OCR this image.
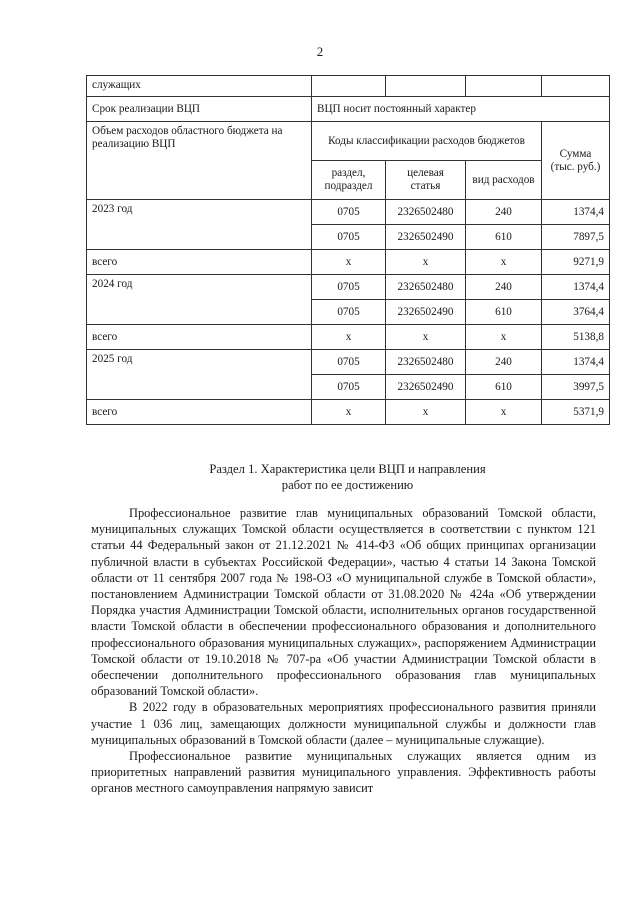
2
служащих				
Срок реализации ВЦП	ВЦП носит постоянный характер			
Объем расходов областного бюджета на реализацию ВЦП	Коды классификации расходов бюджетов			Сумма (тыс. руб.)
	раздел, подраздел	целевая статья	вид расходов	
2023 год	0705	2326502480	240	1374,4
	0705	2326502490	610	7897,5
всего	х	х	х	9271,9
2024 год	0705	2326502480	240	1374,4
	0705	2326502490	610	3764,4
всего	х	х	х	5138,8
2025 год	0705	2326502480	240	1374,4
	0705	2326502490	610	3997,5
всего	х	х	х	5371,9
Раздел 1. Характеристика цели ВЦП и направления
работ по ее достижению

Профессиональное развитие глав муниципальных образований Томской области, муниципальных служащих Томской области осуществляется в соответствии с пунктом 121 статьи 44 Федеральный закон от 21.12.2021 № 414-ФЗ «Об общих принципах организации публичной власти в субъектах Российской Федерации», частью 4 статьи 14 Закона Томской области от 11 сентября 2007 года № 198-ОЗ «О муниципальной службе в Томской области», постановлением Администрации Томской области от 31.08.2020 № 424а «Об утверждении Порядка участия Администрации Томской области, исполнительных органов государственной власти Томской области в обеспечении профессионального образования и дополнительного профессионального образования муниципальных служащих», распоряжением Администрации Томской области от 19.10.2018 № 707-ра «Об участии Администрации Томской области в обеспечении дополнительного профессионального образования глав муниципальных образований Томской области».

В 2022 году в образовательных мероприятиях профессионального развития приняли участие 1 036 лиц, замещающих должности муниципальной службы и должности глав муниципальных образований в Томской области (далее – муниципальные служащие).

Профессиональное развитие муниципальных служащих является одним из приоритетных направлений развития муниципального управления. Эффективность работы органов местного самоуправления напрямую зависит
